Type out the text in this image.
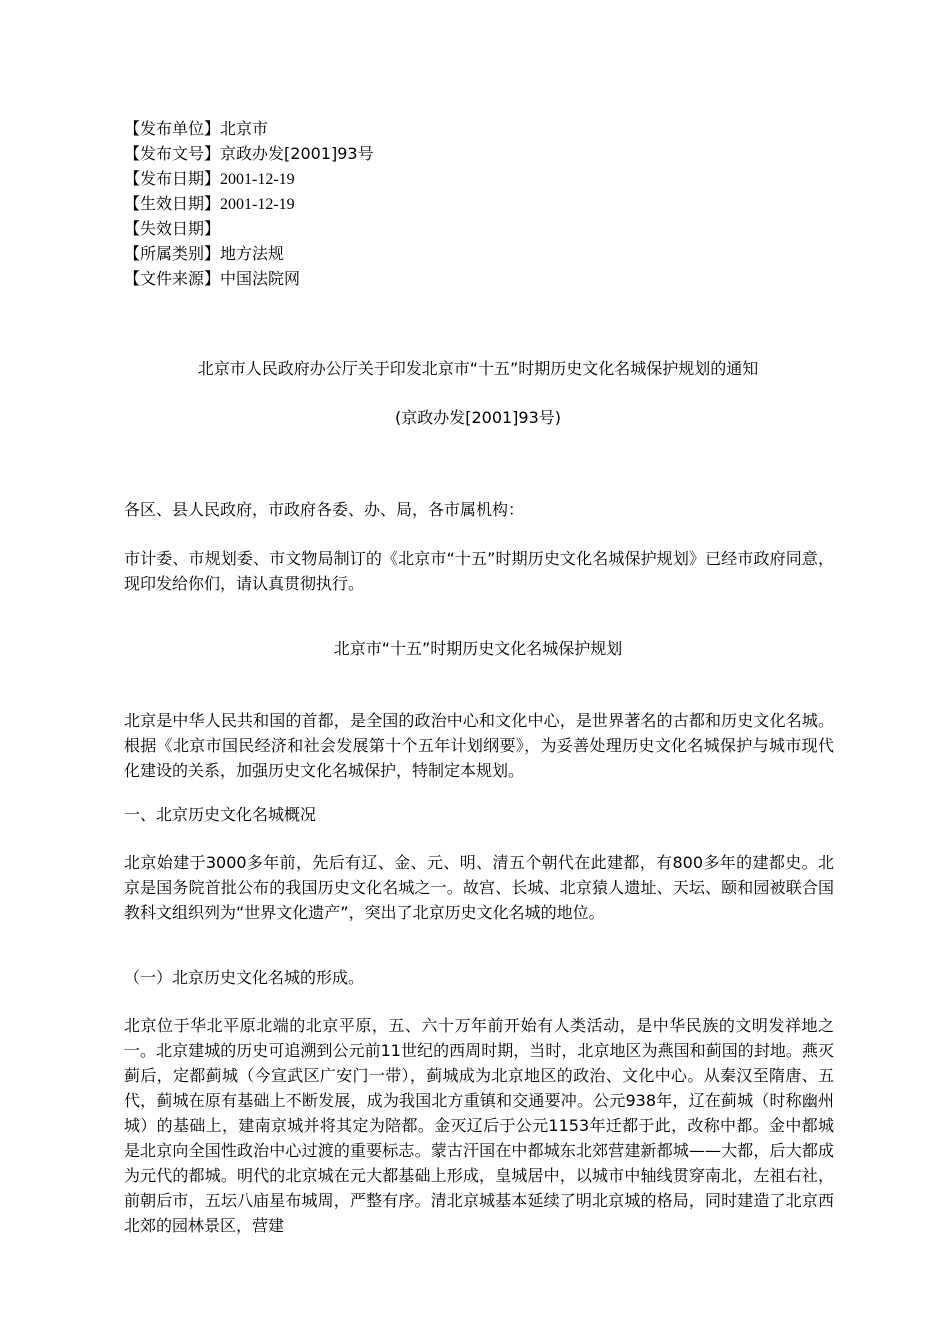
【发布单位】北京市
【发布文号】京政办发[2001]93号
【发布日期】2001-12-19
【生效日期】2001-12-19
【失效日期】
【所属类别】地方法规
【文件来源】中国法院网
北京市人民政府办公厅关于印发北京市“十五”时期历史文化名城保护规划的通知
(京政办发[2001]93号)
各区、县人民政府，市政府各委、办、局，各市属机构：
市计委、市规划委、市文物局制订的《北京市“十五”时期历史文化名城保护规划》已经市政府同意，现印发给你们，请认真贯彻执行。
北京市“十五”时期历史文化名城保护规划
北京是中华人民共和国的首都，是全国的政治中心和文化中心，是世界著名的古都和历史文化名城。根据《北京市国民经济和社会发展第十个五年计划纲要》，为妥善处理历史文化名城保护与城市现代化建设的关系，加强历史文化名城保护，特制定本规划。
一、北京历史文化名城概况
北京始建于3000多年前，先后有辽、金、元、明、清五个朝代在此建都，有800多年的建都史。北京是国务院首批公布的我国历史文化名城之一。故宫、长城、北京猿人遗址、天坛、颐和园被联合国教科文组织列为“世界文化遗产”，突出了北京历史文化名城的地位。
（一）北京历史文化名城的形成。
北京位于华北平原北端的北京平原，五、六十万年前开始有人类活动，是中华民族的文明发祥地之一。北京建城的历史可追溯到公元前11世纪的西周时期，当时，北京地区为燕国和蓟国的封地。燕灭蓟后，定都蓟城（今宣武区广安门一带），蓟城成为北京地区的政治、文化中心。从秦汉至隋唐、五代，蓟城在原有基础上不断发展，成为我国北方重镇和交通要冲。公元938年，辽在蓟城（时称幽州城）的基础上，建南京城并将其定为陪都。金灭辽后于公元1153年迁都于此，改称中都。金中都城是北京向全国性政治中心过渡的重要标志。蒙古汗国在中都城东北郊营建新都城——大都，后大都成为元代的都城。明代的北京城在元大都基础上形成，皇城居中，以城市中轴线贯穿南北，左祖右社，前朝后市，五坛八庙星布城周，严整有序。清北京城基本延续了明北京城的格局，同时建造了北京西北郊的园林景区，营建
